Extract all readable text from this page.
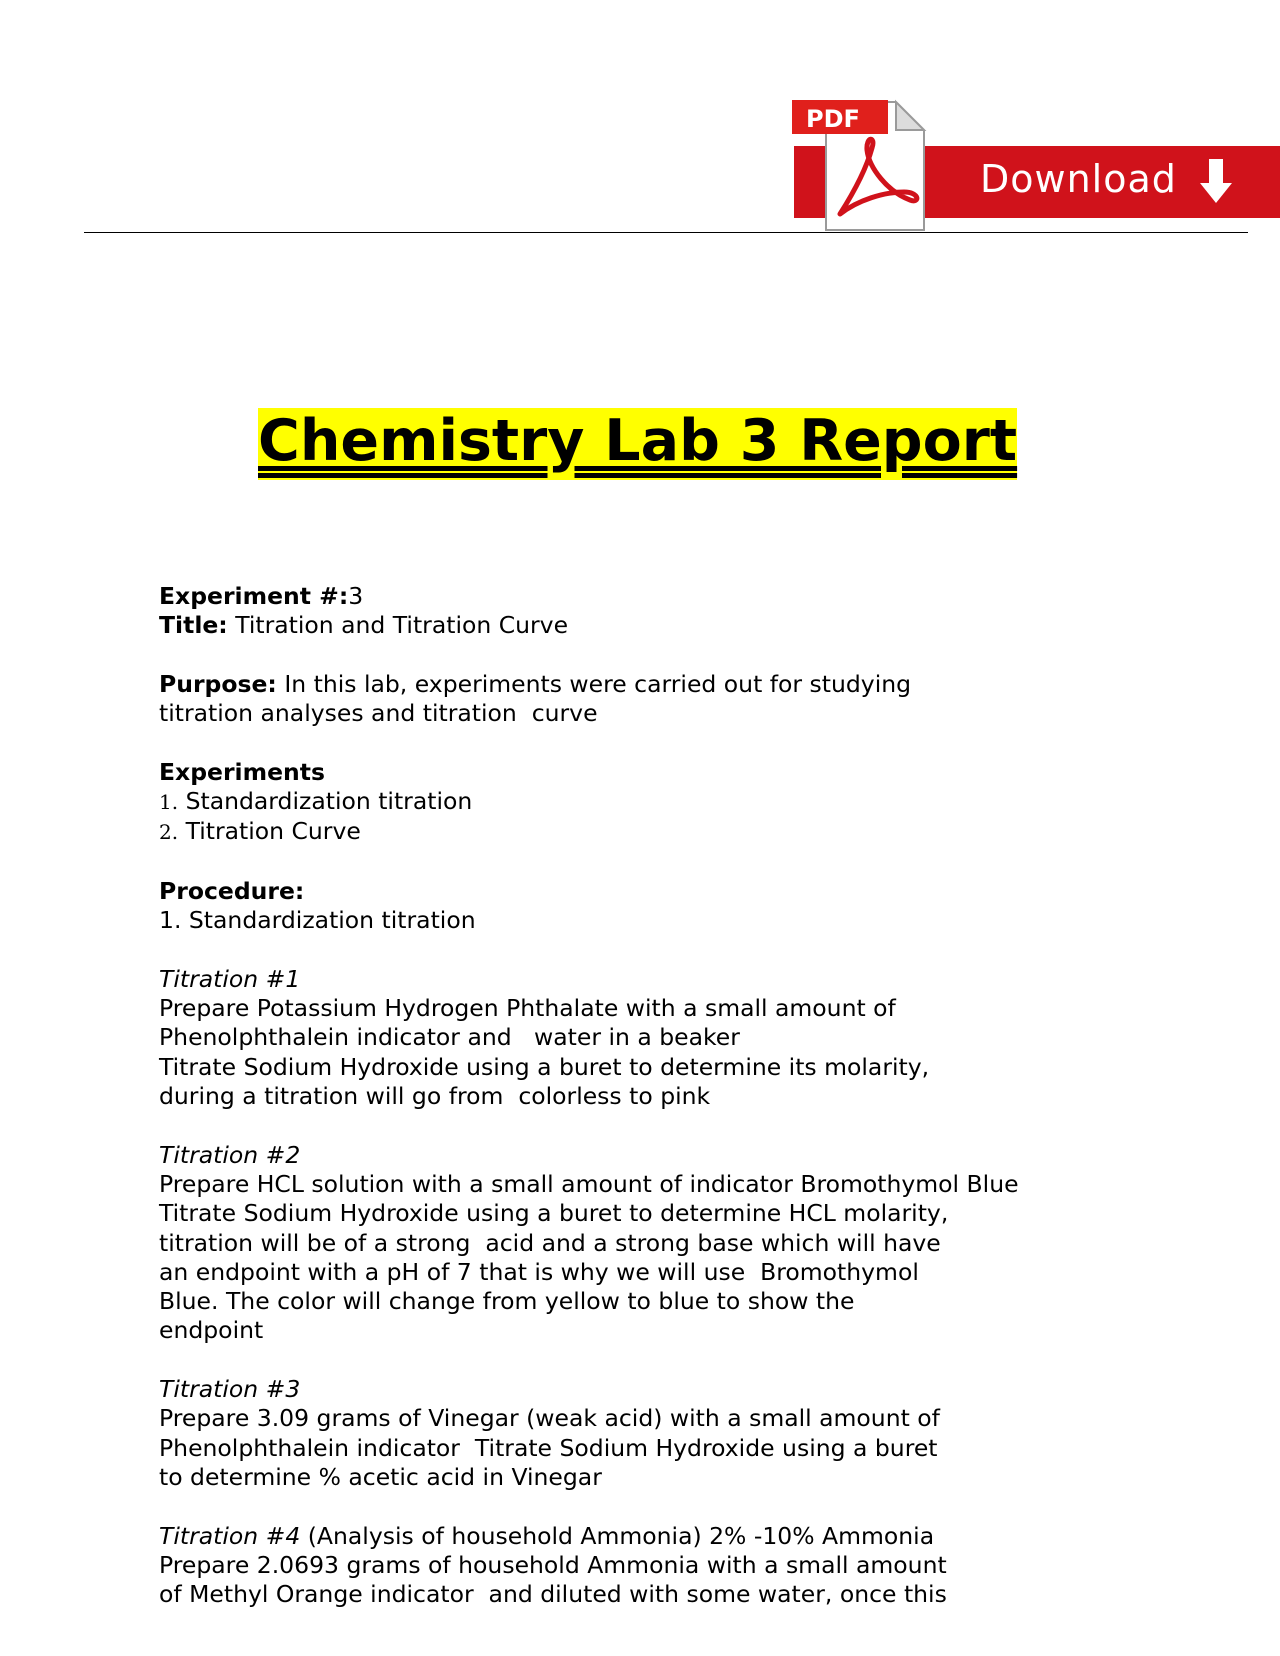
Download
PDF
Chemistry Lab 3 Report

Experiment #:3

Title: Titration and Titration Curve

Purpose: In this lab, experiments were carried out for studying

titration analyses and titration  curve

Experiments

1. Standardization titration

2. Titration Curve

Procedure:

1. Standardization titration

Titration #1

Prepare Potassium Hydrogen Phthalate with a small amount of

Phenolphthalein indicator and   water in a beaker

Titrate Sodium Hydroxide using a buret to determine its molarity,

during a titration will go from  colorless to pink

Titration #2

Prepare HCL solution with a small amount of indicator Bromothymol Blue

Titrate Sodium Hydroxide using a buret to determine HCL molarity,

titration will be of a strong  acid and a strong base which will have

an endpoint with a pH of 7 that is why we will use  Bromothymol

Blue. The color will change from yellow to blue to show the

endpoint

Titration #3

Prepare 3.09 grams of Vinegar (weak acid) with a small amount of

Phenolphthalein indicator  Titrate Sodium Hydroxide using a buret

to determine % acetic acid in Vinegar

Titration #4 (Analysis of household Ammonia) 2% -10% Ammonia

Prepare 2.0693 grams of household Ammonia with a small amount

of Methyl Orange indicator  and diluted with some water, once this
